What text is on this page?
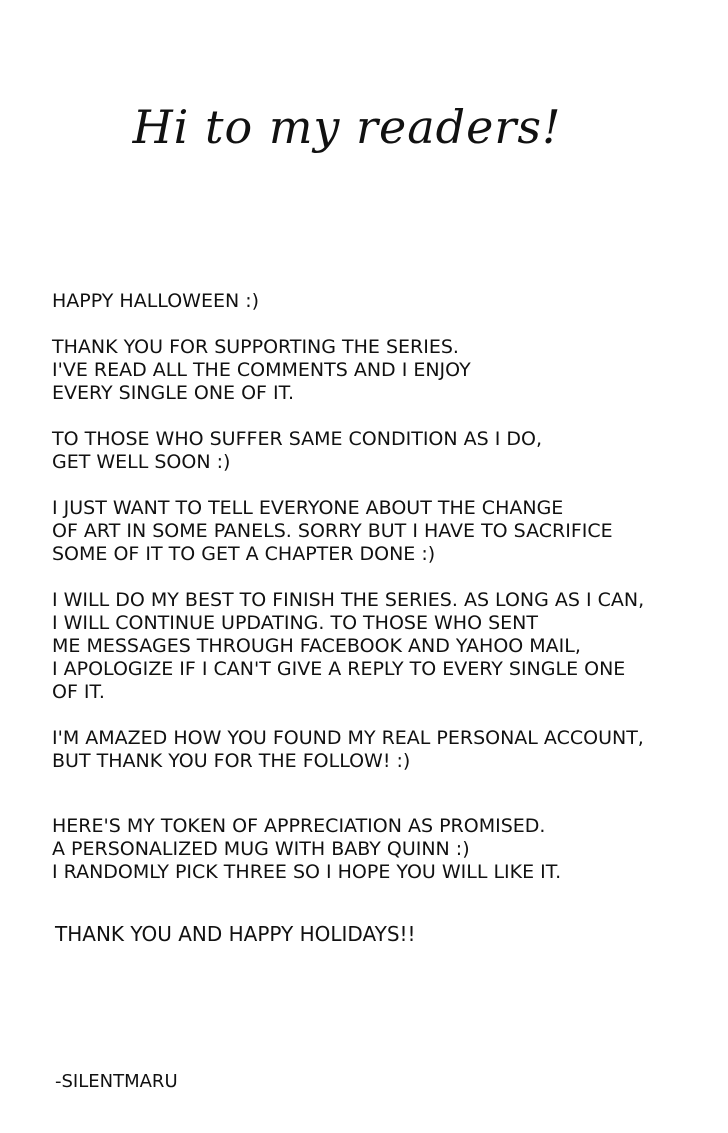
Hi to my readers!
HAPPY HALLOWEEN :)
THANK YOU FOR SUPPORTING THE SERIES.
I'VE READ ALL THE COMMENTS AND I ENJOY
EVERY SINGLE ONE OF IT.
TO THOSE WHO SUFFER SAME CONDITION AS I DO,
GET WELL SOON :)
I JUST WANT TO TELL EVERYONE ABOUT THE CHANGE
OF ART IN SOME PANELS. SORRY BUT I HAVE TO SACRIFICE
SOME OF IT TO GET A CHAPTER DONE :)
I WILL DO MY BEST TO FINISH THE SERIES. AS LONG AS I CAN,
I WILL CONTINUE UPDATING. TO THOSE WHO SENT
ME MESSAGES THROUGH FACEBOOK AND YAHOO MAIL,
I APOLOGIZE IF I CAN'T GIVE A REPLY TO EVERY SINGLE ONE
OF IT.
I'M AMAZED HOW YOU FOUND MY REAL PERSONAL ACCOUNT,
BUT THANK YOU FOR THE FOLLOW! :)
HERE'S MY TOKEN OF APPRECIATION AS PROMISED.
A PERSONALIZED MUG WITH BABY QUINN :)
I RANDOMLY PICK THREE SO I HOPE YOU WILL LIKE IT.
THANK YOU AND HAPPY HOLIDAYS!!
-SILENTMARU
